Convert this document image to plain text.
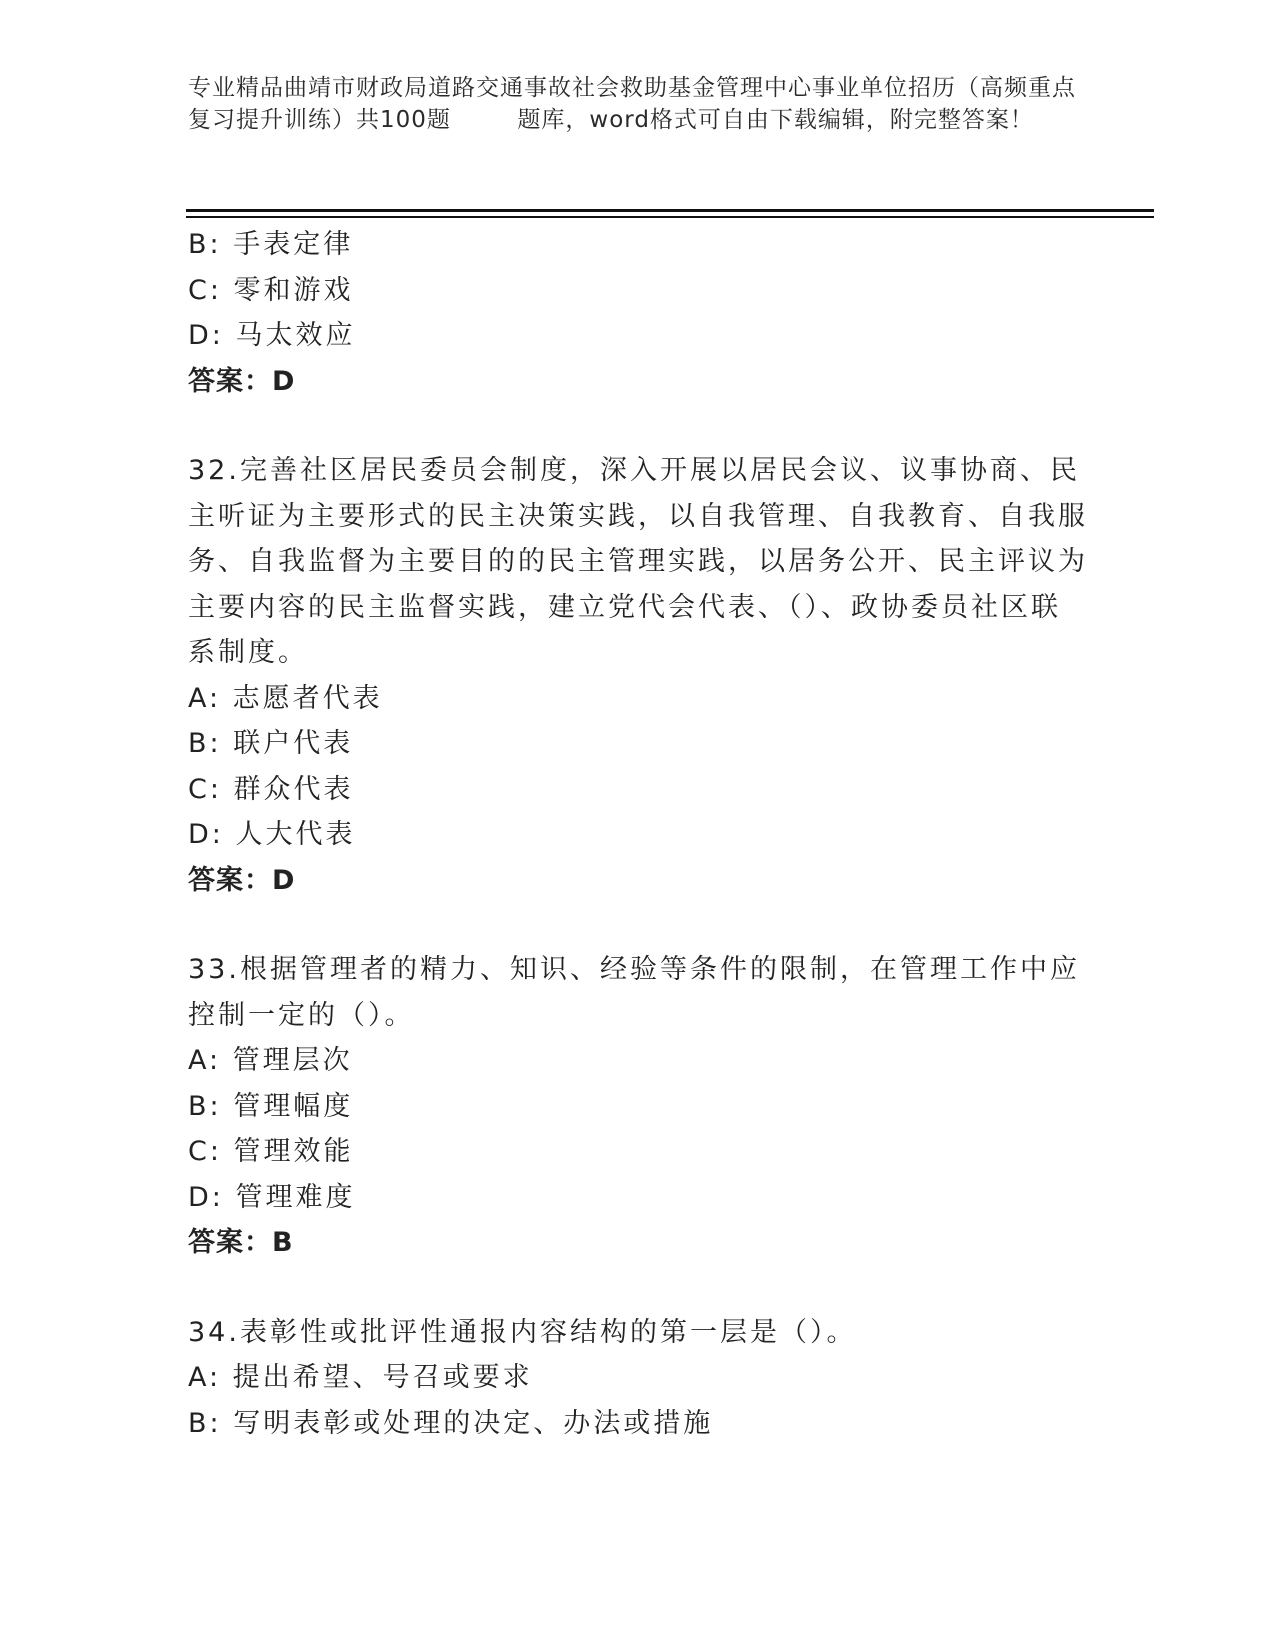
专业精品曲靖市财政局道路交通事故社会救助基金管理中心事业单位招历（高频重点复习提升训练）共100题        题库，word格式可自由下载编辑，附完整答案！
B: 手表定律
C: 零和游戏
D: 马太效应
答案：D
32.完善社区居民委员会制度，深入开展以居民会议、议事协商、民主听证为主要形式的民主决策实践，以自我管理、自我教育、自我服务、自我监督为主要目的的民主管理实践，以居务公开、民主评议为主要内容的民主监督实践，建立党代会代表、（）、政协委员社区联系制度。
A: 志愿者代表
B: 联户代表
C: 群众代表
D: 人大代表
答案：D
33.根据管理者的精力、知识、经验等条件的限制，在管理工作中应控制一定的（）。
A: 管理层次
B: 管理幅度
C: 管理效能
D: 管理难度
答案：B
34.表彰性或批评性通报内容结构的第一层是（）。
A: 提出希望、号召或要求
B: 写明表彰或处理的决定、办法或措施
